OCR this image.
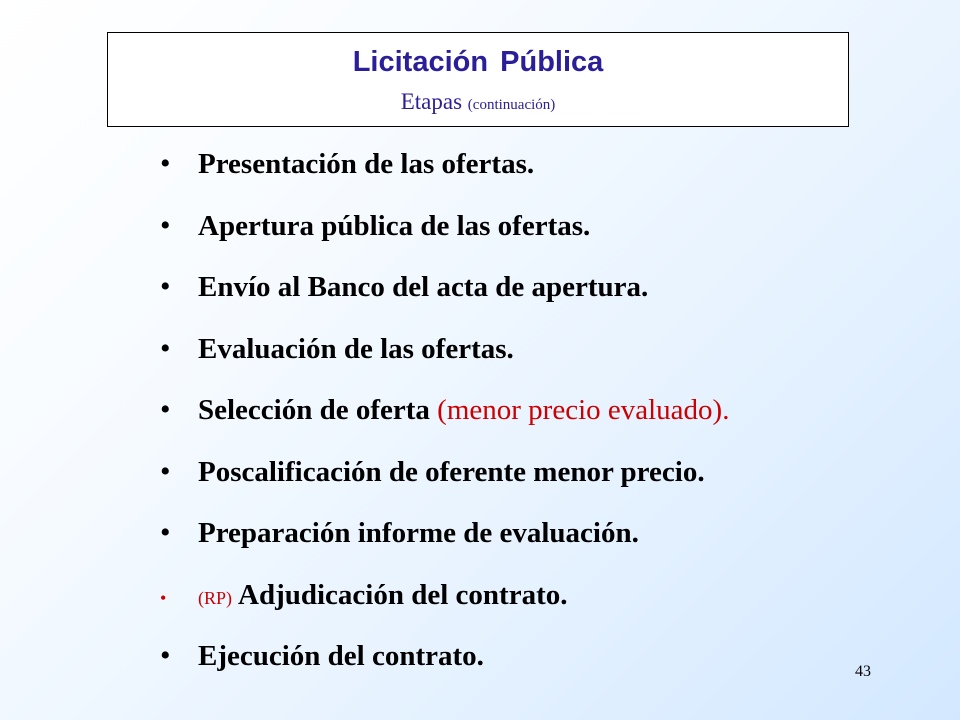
Licitación Pública
Etapas (continuación)
• Presentación de las ofertas.
• Apertura pública de las ofertas.
• Envío al Banco del acta de apertura.
• Evaluación de las ofertas.
• Selección de oferta (menor precio evaluado).
• Poscalificación de oferente menor precio.
• Preparación informe de evaluación.
•	(RP) Adjudicación del contrato.
• Ejecución del contrato.	43
